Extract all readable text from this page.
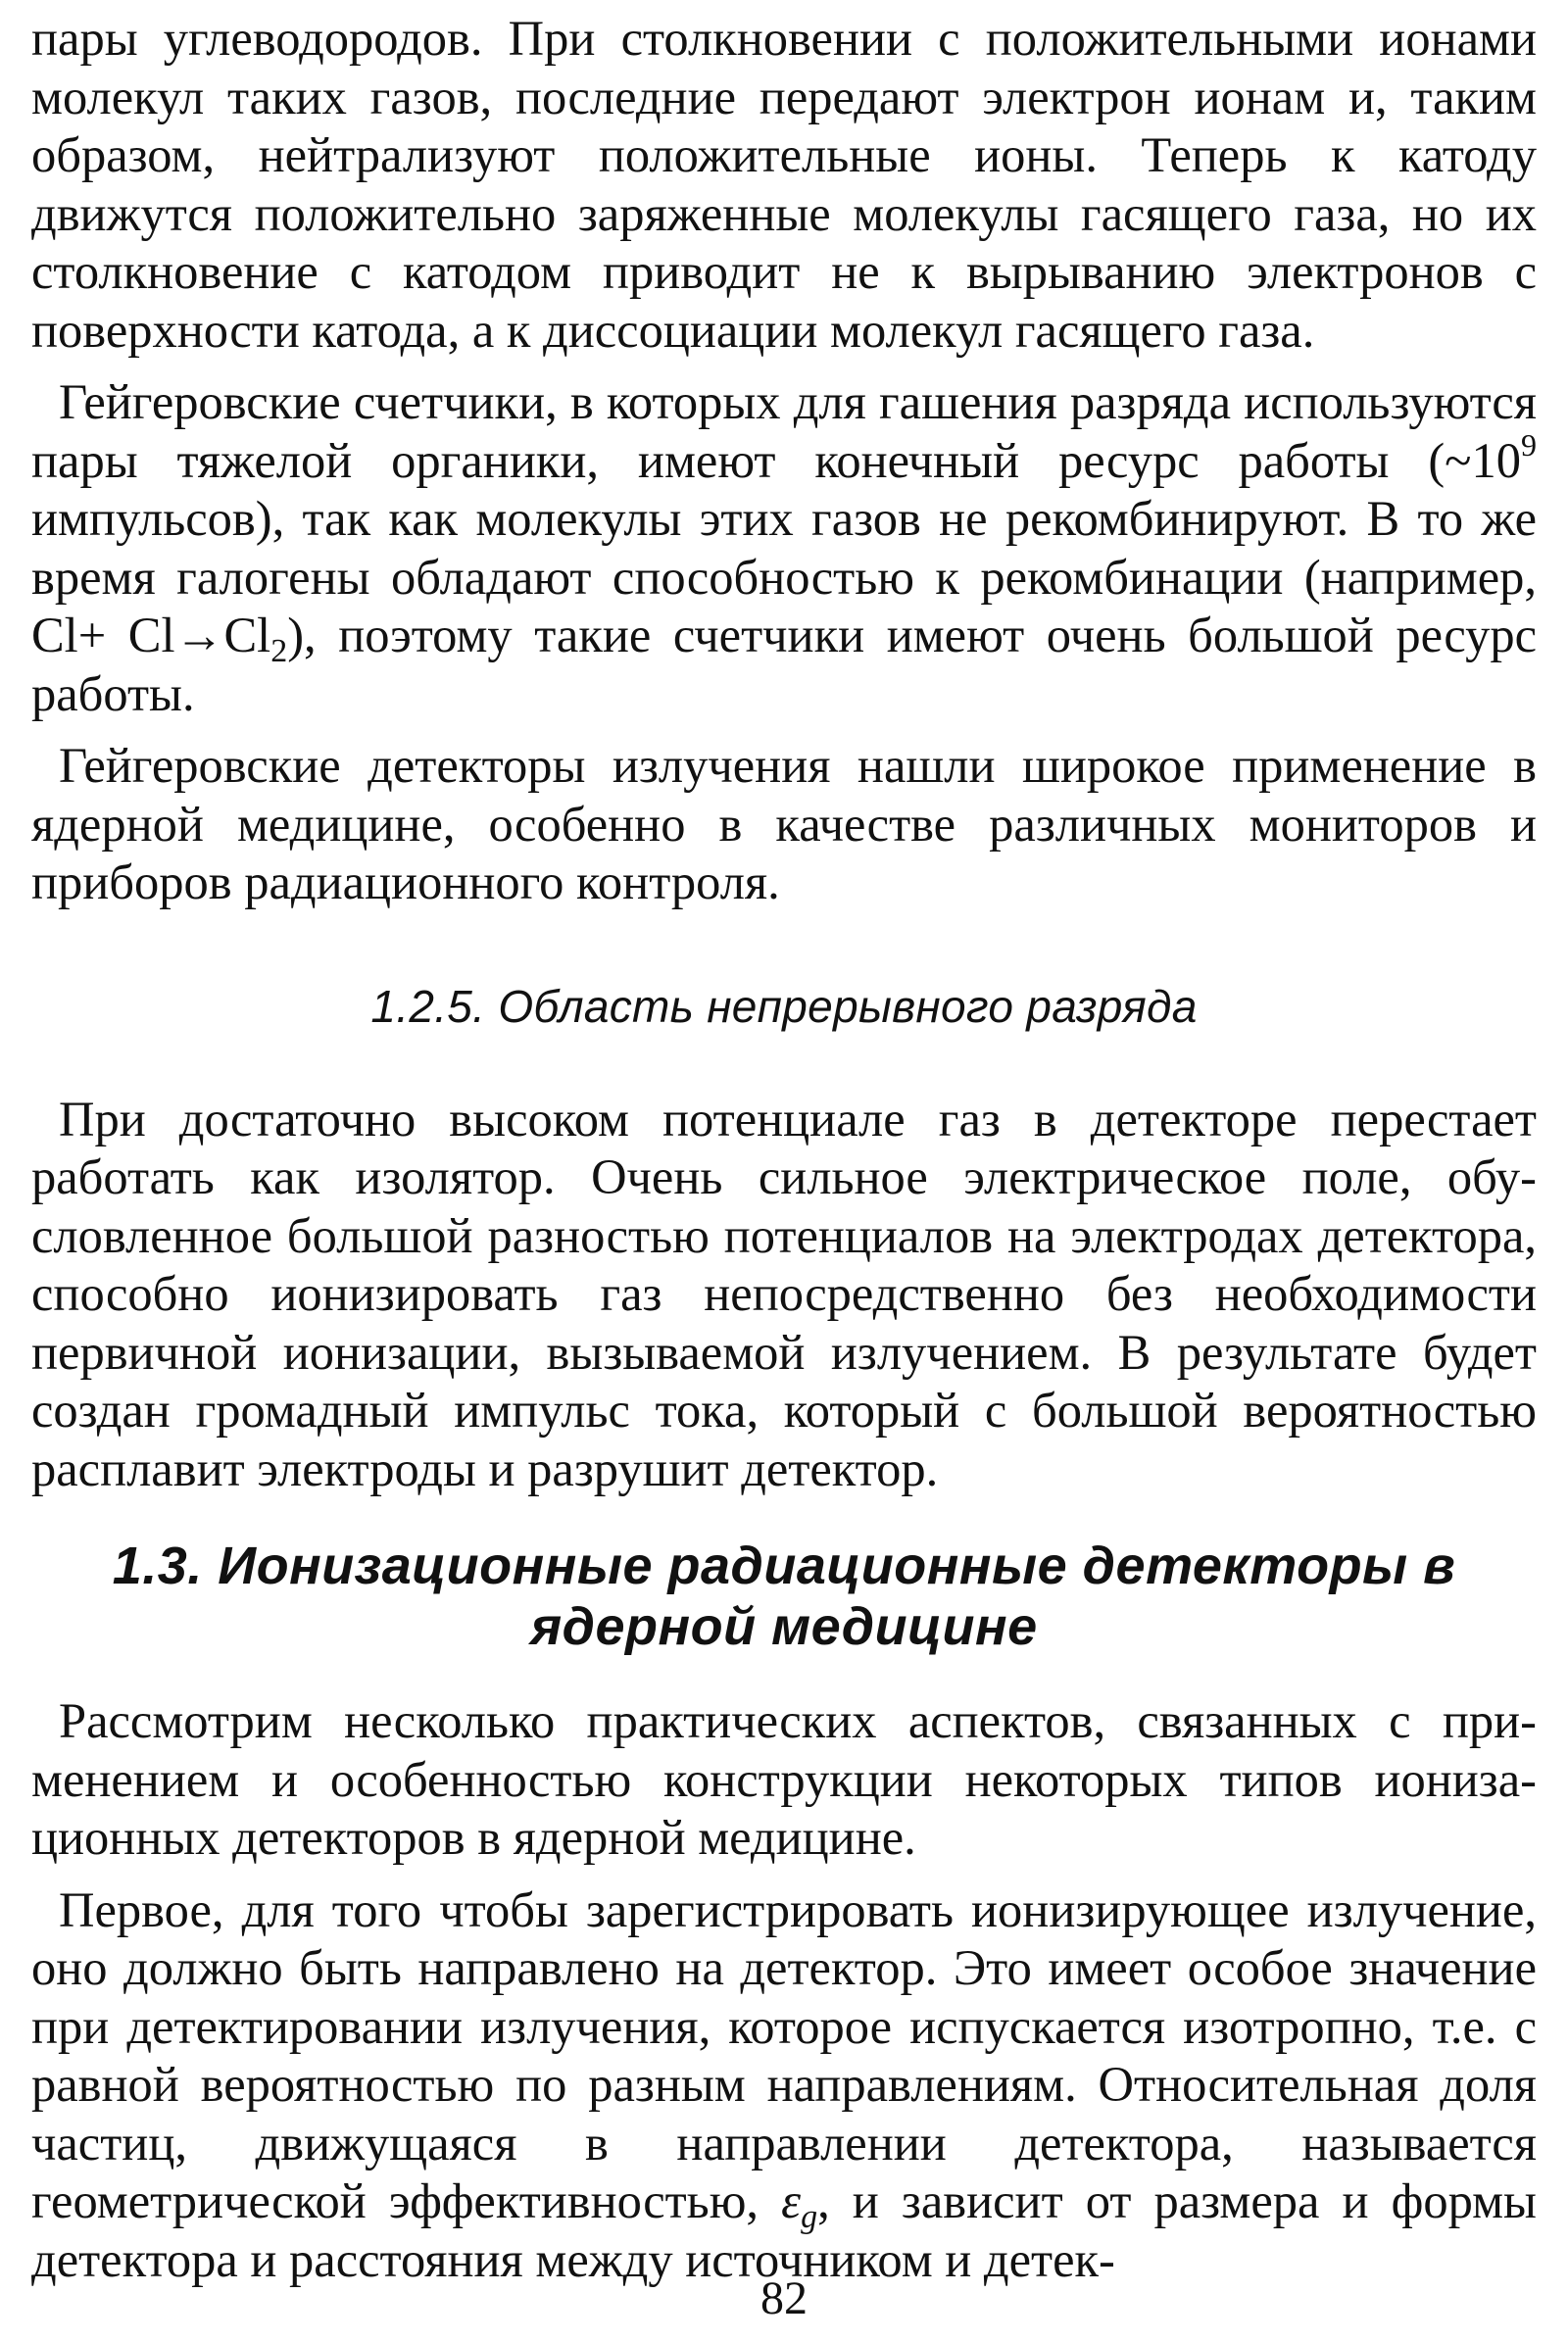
пары углеводородов. При столкновении с положительными ионами молекул таких газов, последние передают электрон ионам и, таким образом, нейтрализуют положительные ионы. Теперь к катоду движутся положительно заряженные молекулы гасящего газа, но их столкновение с катодом приводит не к вырыванию электронов с поверхности катода, а к диссоциации молекул гасящего газа.

Гейгеровские счетчики, в которых для гашения разряда используются пары тяжелой органики, имеют конечный ресурс работы ($\sim 10^9$ импульсов), так как молекулы этих газов не рекомбинируют. В то же время галогены обладают способностью к рекомбинации (например, $Cl+ Cl\to Cl_2$), поэтому такие счетчики имеют очень большой ресурс работы.

Гейгеровские детекторы излучения нашли широкое применение в ядерной медицине, особенно в качестве различных мониторов и приборов радиационного контроля.

1.2.5. Область непрерывного разряда

При достаточно высоком потенциале газ в детекторе перестает работать как изолятор. Очень сильное электрическое поле, обусловленное большой разностью потенциалов на электродах детектора, способно ионизировать газ непосредственно без необходимости первичной ионизации, вызываемой излучением. В результате будет создан громадный импульс тока, который с большой вероятностью расплавит электроды и разрушит детектор.

1.3. Ионизационные радиационные детекторы в ядерной медицине

Рассмотрим несколько практических аспектов, связанных с применением и особенностью конструкции некоторых типов ионизационных детекторов в ядерной медицине.

Первое, для того чтобы зарегистрировать ионизирующее излучение, оно должно быть направлено на детектор. Это имеет особое значение при детектировании излучения, которое испускается изотропно, т.е. с равной вероятностью по разным направлениям. Относительная доля частиц, движущаяся в направлении детектора, называется геометрической эффективностью, $\varepsilon_g$, и зависит от размера и формы детектора и расстояния между источником и детек-

82
